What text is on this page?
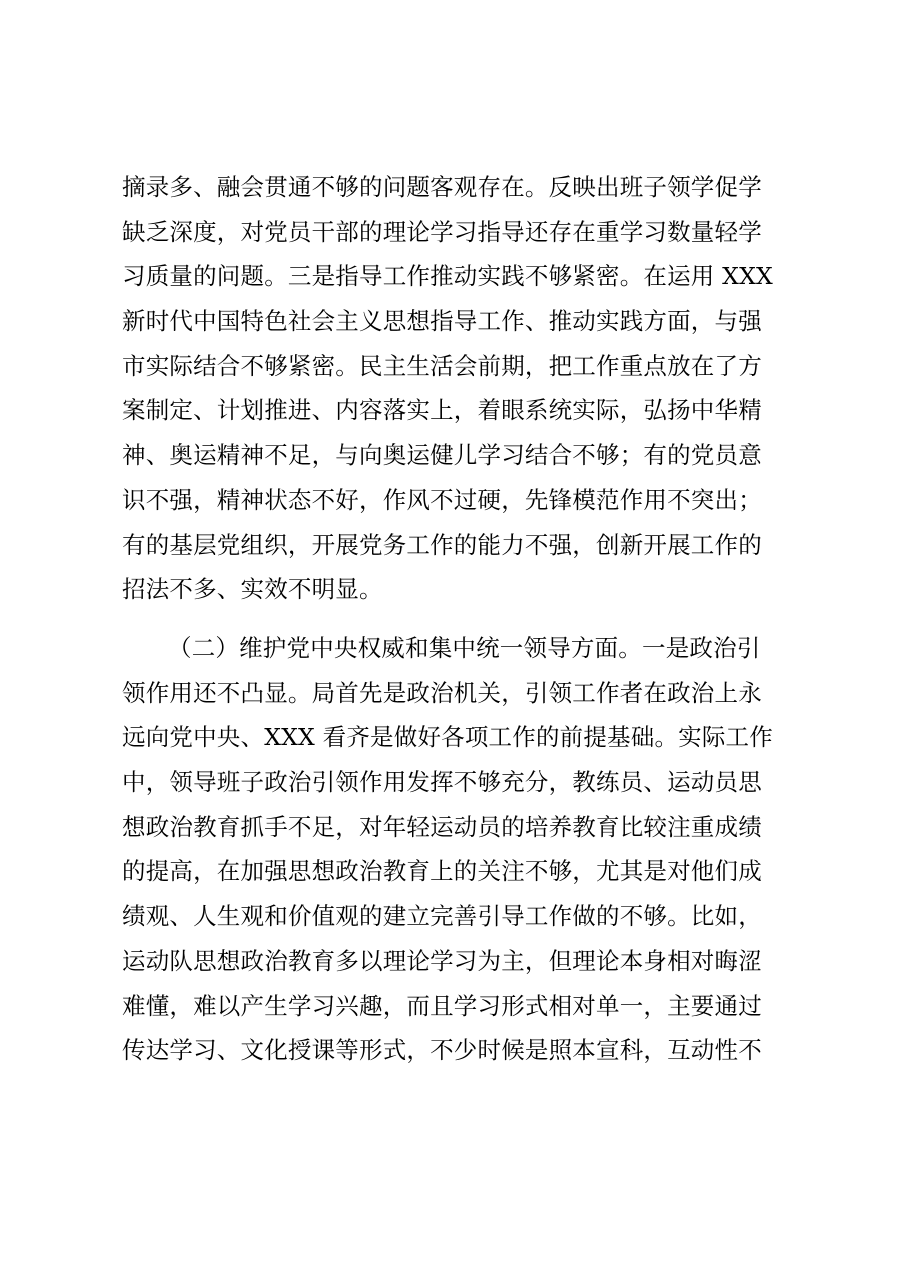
摘录多、融会贯通不够的问题客观存在。反映出班子领学促学
缺乏深度，对党员干部的理论学习指导还存在重学习数量轻学
习质量的问题。三是指导工作推动实践不够紧密。在运用 XXX
新时代中国特色社会主义思想指导工作、推动实践方面，与强
市实际结合不够紧密。民主生活会前期，把工作重点放在了方
案制定、计划推进、内容落实上，着眼系统实际，弘扬中华精
神、奥运精神不足，与向奥运健儿学习结合不够；有的党员意
识不强，精神状态不好，作风不过硬，先锋模范作用不突出；
有的基层党组织，开展党务工作的能力不强，创新开展工作的
招法不多、实效不明显。
（二）维护党中央权威和集中统一领导方面。一是政治引
领作用还不凸显。局首先是政治机关，引领工作者在政治上永
远向党中央、XXX 看齐是做好各项工作的前提基础。实际工作
中，领导班子政治引领作用发挥不够充分，教练员、运动员思
想政治教育抓手不足，对年轻运动员的培养教育比较注重成绩
的提高，在加强思想政治教育上的关注不够，尤其是对他们成
绩观、人生观和价值观的建立完善引导工作做的不够。比如，
运动队思想政治教育多以理论学习为主，但理论本身相对晦涩
难懂，难以产生学习兴趣，而且学习形式相对单一，主要通过
传达学习、文化授课等形式，不少时候是照本宣科，互动性不
